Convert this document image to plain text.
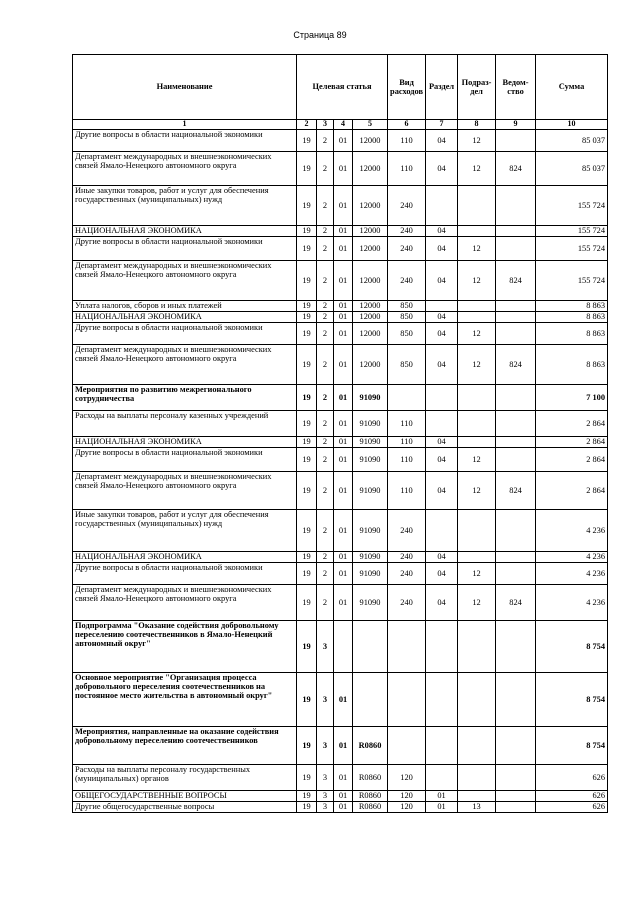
Страница 89
Наименование	Целевая статья				Вид расходов	Раздел	Подраз-дел	Ведом-ство	Сумма
1	2	3	4	5	6	7	8	9	10
Другие вопросы в области национальной экономики	19	2	01	12000	110	04	12		85 037
Департамент международных и внешнеэкономических связей Ямало-Ненецкого автономного округа	19	2	01	12000	110	04	12	824	85 037
Иные закупки товаров, работ и услуг для обеспечения государственных (муниципальных) нужд	19	2	01	12000	240				155 724
НАЦИОНАЛЬНАЯ ЭКОНОМИКА	19	2	01	12000	240	04			155 724
Другие вопросы в области национальной экономики	19	2	01	12000	240	04	12		155 724
Департамент международных и внешнеэкономических связей Ямало-Ненецкого автономного округа	19	2	01	12000	240	04	12	824	155 724
Уплата налогов, сборов и иных платежей	19	2	01	12000	850				8 863
НАЦИОНАЛЬНАЯ ЭКОНОМИКА	19	2	01	12000	850	04			8 863
Другие вопросы в области национальной экономики	19	2	01	12000	850	04	12		8 863
Департамент международных и внешнеэкономических связей Ямало-Ненецкого автономного округа	19	2	01	12000	850	04	12	824	8 863
Мероприятия по развитию межрегионального сотрудничества	19	2	01	91090					7 100
Расходы на выплаты персоналу казенных учреждений	19	2	01	91090	110				2 864
НАЦИОНАЛЬНАЯ ЭКОНОМИКА	19	2	01	91090	110	04			2 864
Другие вопросы в области национальной экономики	19	2	01	91090	110	04	12		2 864
Департамент международных и внешнеэкономических связей Ямало-Ненецкого автономного округа	19	2	01	91090	110	04	12	824	2 864
Иные закупки товаров, работ и услуг для обеспечения государственных (муниципальных) нужд	19	2	01	91090	240				4 236
НАЦИОНАЛЬНАЯ ЭКОНОМИКА	19	2	01	91090	240	04			4 236
Другие вопросы в области национальной экономики	19	2	01	91090	240	04	12		4 236
Департамент международных и внешнеэкономических связей Ямало-Ненецкого автономного округа	19	2	01	91090	240	04	12	824	4 236
Подпрограмма "Оказание содействия добровольному переселению соотечественников в Ямало-Ненецкий автономный округ"	19	3							8 754
Основное мероприятие "Организация процесса добровольного переселения соотечественников на постоянное место жительства в автономный округ"	19	3	01						8 754
Мероприятия, направленные на оказание содействия добровольному переселению соотечественников	19	3	01	R0860					8 754
Расходы на выплаты персоналу государственных (муниципальных) органов	19	3	01	R0860	120				626
ОБЩЕГОСУДАРСТВЕННЫЕ ВОПРОСЫ	19	3	01	R0860	120	01			626
Другие общегосударственные вопросы	19	3	01	R0860	120	01	13		626
